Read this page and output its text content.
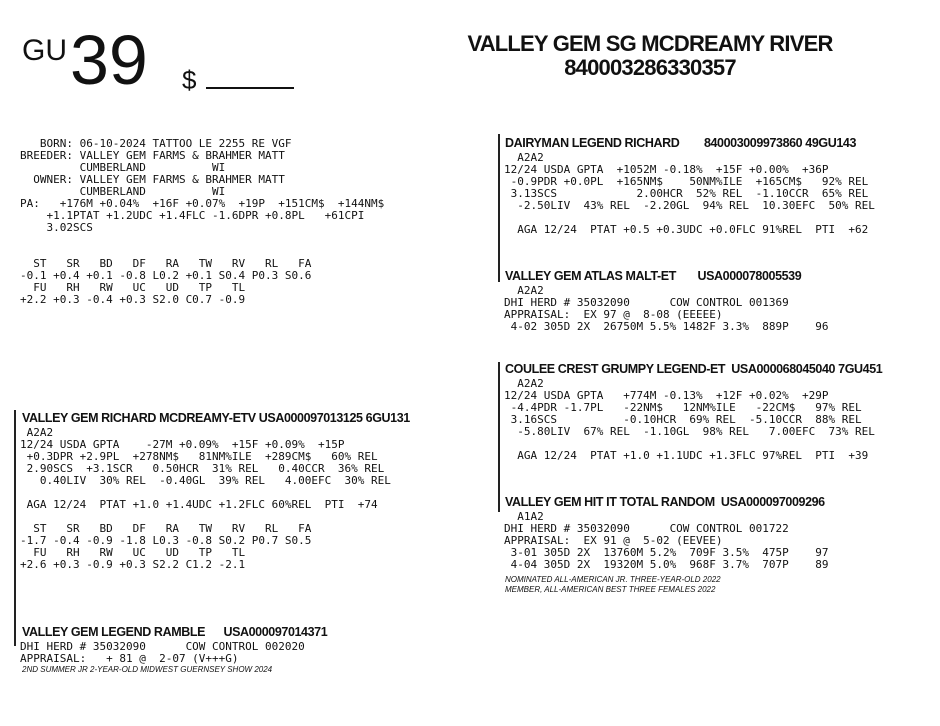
GU 39 $
VALLEY GEM SG MCDREAMY RIVER
840003286330357
BORN: 06-10-2024 TATTOO LE 2255 RE VGF
BREEDER: VALLEY GEM FARMS & BRAHMER MATT
CUMBERLAND          WI
OWNER: VALLEY GEM FARMS & BRAHMER MATT
CUMBERLAND          WI
PA:   +176M +0.04%  +16F +0.07%  +19P  +151CM$  +144NM$
+1.1PTAT +1.2UDC +1.4FLC -1.6DPR +0.8PL   +61CPI
3.02SCS
ST   SR   BD   DF   RA   TW   RV   RL   FA
-0.1 +0.4 +0.1 -0.8 L0.2 +0.1 S0.4 P0.3 S0.6
FU   RH   RW   UC   UD   TP   TL
+2.2 +0.3 -0.4 +0.3 S2.0 C0.7 -0.9
VALLEY GEM RICHARD MCDREAMY-ETV USA000097013125 6GU131
A2A2
12/24 USDA GPTA    -27M +0.09%  +15F +0.09%  +15P
+0.3DPR +2.9PL  +278NM$   81NM%ILE  +289CM$   60% REL
2.90SCS  +3.1SCR   0.50HCR  31% REL   0.40CCR  36% REL
0.40LIV  30% REL  -0.40GL  39% REL   4.00EFC  30% REL

AGA 12/24  PTAT +1.0 +1.4UDC +1.2FLC 60%REL  PTI  +74

ST   SR   BD   DF   RA   TW   RV   RL   FA
-1.7 -0.4 -0.9 -1.8 L0.3 -0.8 S0.2 P0.7 S0.5
FU   RH   RW   UC   UD   TP   TL
+2.6 +0.3 -0.9 +0.3 S2.2 C1.2 -2.1
VALLEY GEM LEGEND RAMBLE      USA000097014371
DHI HERD # 35032090      COW CONTROL 002020
APPRAISAL:   + 81 @  2-07 (V+++G)
2ND SUMMER JR 2-YEAR-OLD MIDWEST GUERNSEY SHOW 2024
DAIRYMAN LEGEND RICHARD        840003009973860 49GU143
A2A2
12/24 USDA GPTA  +1052M -0.18%  +15F +0.00%  +36P
-0.9PDR +0.0PL  +165NM$    50NM%ILE  +165CM$   92% REL
3.13SCS            2.00HCR  52% REL  -1.10CCR  65% REL
-2.50LIV  43% REL  -2.20GL  94% REL  10.30EFC  50% REL

AGA 12/24  PTAT +0.5 +0.3UDC +0.0FLC 91%REL  PTI  +62
VALLEY GEM ATLAS MALT-ET       USA000078005539
A2A2
DHI HERD # 35032090      COW CONTROL 001369
APPRAISAL:  EX 97 @  8-08 (EEEEE)
4-02 305D 2X  26750M 5.5% 1482F 3.3%  889P    96
COULEE CREST GRUMPY LEGEND-ET  USA000068045040 7GU451
A2A2
12/24 USDA GPTA   +774M -0.13%  +12F +0.02%  +29P
-4.4PDR -1.7PL   -22NM$   12NM%ILE   -22CM$   97% REL
3.16SCS          -0.10HCR  69% REL  -5.10CCR  88% REL
-5.80LIV  67% REL  -1.10GL  98% REL   7.00EFC  73% REL

AGA 12/24  PTAT +1.0 +1.1UDC +1.3FLC 97%REL  PTI  +39
VALLEY GEM HIT IT TOTAL RANDOM  USA000097009296
A1A2
DHI HERD # 35032090      COW CONTROL 001722
APPRAISAL:  EX 91 @  5-02 (EEVEE)
3-01 305D 2X  13760M 5.2%  709F 3.5%  475P    97
4-04 305D 2X  19320M 5.0%  968F 3.7%  707P    89
NOMINATED ALL-AMERICAN JR. THREE-YEAR-OLD 2022
MEMBER, ALL-AMERICAN BEST THREE FEMALES 2022
